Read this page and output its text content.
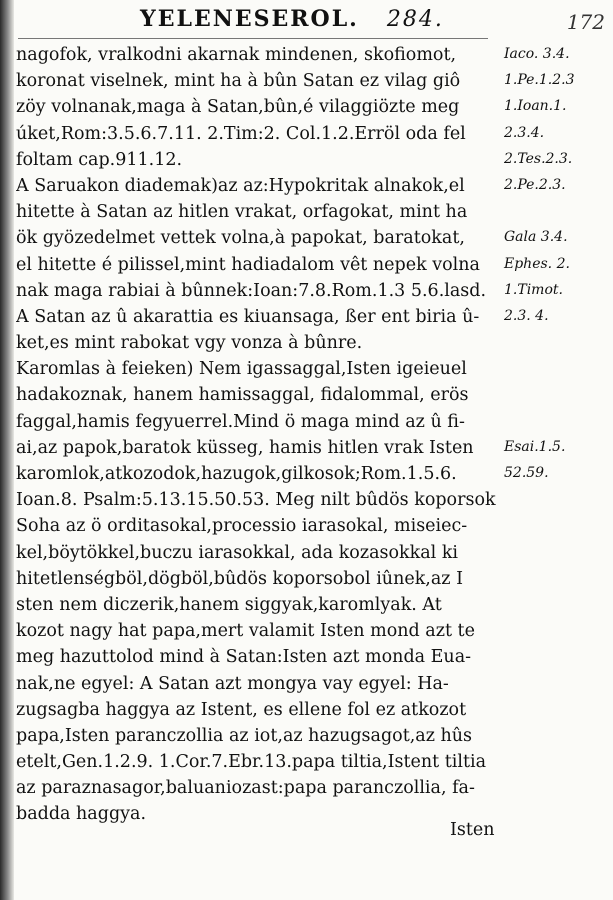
YELENESEROL. 284.	172
nagofok, vralkodni akarnak mindenen, skofiomot,
koronat viselnek, mint ha à bûn Satan ez vilag giô
zöy volnanak,maga à Satan,bûn,é vilaggiözte meg
úket,Rom:3.5.6.7.11. 2.Tim:2. Col.1.2.Erröl oda fel
foltam cap.911.12.
A Saruakon diademak)az az:Hypokritak alnakok,el
hitette à Satan az hitlen vrakat, orfagokat, mint ha
ök gyözedelmet vettek volna,à papokat, baratokat,
el hitette é pilissel,mint hadiadalom vêt nepek volna
nak maga rabiai à bûnnek:Ioan:7.8.Rom.1.3 5.6.lasd.
A Satan az û akarattia es kiuansaga, ßer ent biria û-
ket,es mint rabokat vgy vonza à bûnre.
Karomlas à feieken) Nem igassaggal,Isten igeieuel
hadakoznak, hanem hamissaggal, fidalommal, erös
faggal,hamis fegyuerrel.Mind ö maga mind az û fi-
ai,az papok,baratok küsseg, hamis hitlen vrak Isten
karomlok,atkozodok,hazugok,gilkosok;Rom.1.5.6.
Ioan.8. Psalm:5.13.15.50.53. Meg nilt bûdös koporsok
Soha az ö orditasokal,processio iarasokal, miseiec-
kel,böytökkel,buczu iarasokkal, ada kozasokkal ki
hitetlenségböl,dögböl,bûdös koporsobol iûnek,az I
sten nem diczerik,hanem siggyak,karomlyak. At
kozot nagy hat papa,mert valamit Isten mond azt te
meg hazuttolod mind à Satan:Isten azt monda Eua-
nak,ne egyel: A Satan azt mongya vay egyel: Ha-
zugsagba haggya az Istent, es ellene fol ez atkozot
papa,Isten paranczollia az iot,az hazugsagot,az hûs
etelt,Gen.1.2.9. 1.Cor.7.Ebr.13.papa tiltia,Istent tiltia
az paraznasagor,baluaniozast:papa paranczollia, fa-
badda haggya.
Iaco. 3.4.
1.Pe.1.2.3
1.Ioan.1.
2.3.4.
2.Tes.2.3.
2.Pe.2.3.
Gala 3.4.
Ephes. 2.
1.Timot.
2.3. 4.
Esai.1.5.
52.59.
Isten
